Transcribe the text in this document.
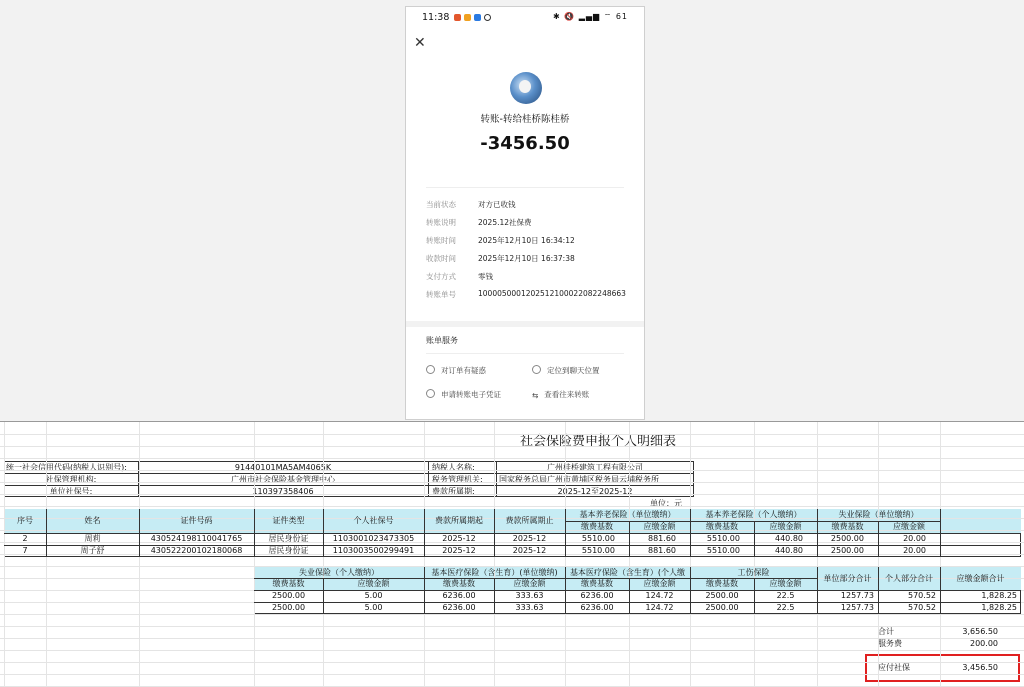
11:38	✱ 🔇 ▂▄▆ ⌔ 61
✕
转账-转给桂桥陈桂桥
-3456.50
当前状态	对方已收钱
转账说明	2025.12社保费
转账时间	2025年12月10日 16:34:12
收款时间	2025年12月10日 16:37:38
支付方式	零钱
转账单号	1000050001202512100022082248663
账单服务
对订单有疑惑	定位到聊天位置
申请转账电子凭证	⇆ 查看往来转账
社会保险费申报个人明细表
统一社会信用代码(纳税人识别号):	91440101MA5AM4065K
社保管理机构:	广州市社会保险基金管理中心
单位社保号:	110397358406
纳税人名称:	广州桂桥建筑工程有限公司
税务管理机关: 国家税务总局广州市黄埔区税务局云埔税务所
费款所属期:	2025-12至2025-12
单位：元
合计	3,656.50
服务费	200.00
应付社保	3,456.50
序号	姓名	证件号码	证件类型	个人社保号	费款所属期起	费款所属期止
基本养老保险（单位缴纳）	基本养老保险（个人缴纳）	失业保险（单位缴纳）
缴费基数	应缴金额	缴费基数	应缴金额	缴费基数	应缴金额
2	周莉	430524198110041765	居民身份证	1103001023473305	2025-12	2025-12	5510.00	881.60	5510.00	440.80	2500.00	20.00
7	周子舒	430522200102180068	居民身份证	1103003500299491	2025-12	2025-12	5510.00	881.60	5510.00	440.80	2500.00	20.00
失业保险（个人缴纳）	基本医疗保险（含生育）(单位缴纳)	基本医疗保险（含生育）(个人缴	工伤保险
缴费基数	应缴金额	缴费基数	应缴金额	缴费基数	应缴金额	缴费基数	应缴金额
单位部分合计	个人部分合计	应缴金额合计
2500.00	5.00	6236.00	333.63	6236.00	124.72	2500.00	22.5	1257.73	570.52	1,828.25
2500.00	5.00	6236.00	333.63	6236.00	124.72	2500.00	22.5	1257.73	570.52	1,828.25
